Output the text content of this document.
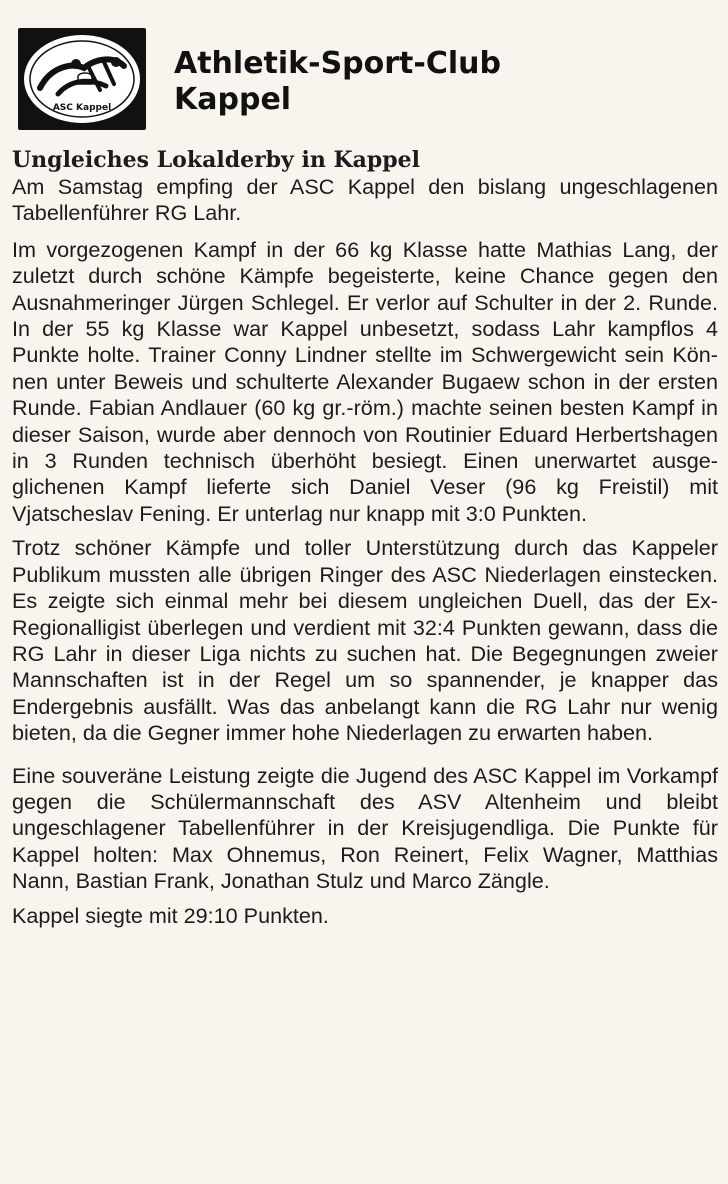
ASC Kappel
Athletik-Sport-Club
Kappel
Ungleiches Lokalderby in Kappel

Am Samstag empfing der ASC Kappel den bislang ungeschlagenen Tabellenführer RG Lahr.

Im vorgezogenen Kampf in der 66 kg Klasse hatte Mathias Lang, der zuletzt durch schöne Kämpfe begeisterte, keine Chance gegen den Ausnahmeringer Jürgen Schlegel. Er verlor auf Schulter in der 2. Runde. In der 55 kg Klasse war Kappel unbesetzt, sodass Lahr kampflos 4 Punkte holte. Trainer Conny Lindner stellte im Schwergewicht sein Können unter Beweis und schulterte Alexander Bugaew schon in der ersten Runde. Fabian Andlauer (60 kg gr.-röm.) machte seinen besten Kampf in dieser Saison, wurde aber dennoch von Routinier Eduard Herbertshagen in 3 Runden technisch überhöht besiegt. Einen unerwartet ausgeglichenen Kampf lieferte sich Daniel Veser (96 kg Freistil) mit Vjatscheslav Fening. Er unterlag nur knapp mit 3:0 Punkten.

Trotz schöner Kämpfe und toller Unterstützung durch das Kappeler Publikum mussten alle übrigen Ringer des ASC Niederlagen einstecken. Es zeigte sich einmal mehr bei diesem ungleichen Duell, das der Ex-Regionalligist überlegen und verdient mit 32:4 Punkten gewann, dass die RG Lahr in dieser Liga nichts zu suchen hat. Die Begegnungen zweier Mannschaften ist in der Regel um so spannender, je knapper das Endergebnis ausfällt. Was das anbelangt kann die RG Lahr nur wenig bieten, da die Gegner immer hohe Niederlagen zu erwarten haben.

Eine souveräne Leistung zeigte die Jugend des ASC Kappel im Vorkampf gegen die Schülermannschaft des ASV Altenheim und bleibt ungeschlagener Tabellenführer in der Kreisjugendliga. Die Punkte für Kappel holten: Max Ohnemus, Ron Reinert, Felix Wagner, Matthias Nann, Bastian Frank, Jonathan Stulz und Marco Zängle.

Kappel siegte mit 29:10 Punkten.
